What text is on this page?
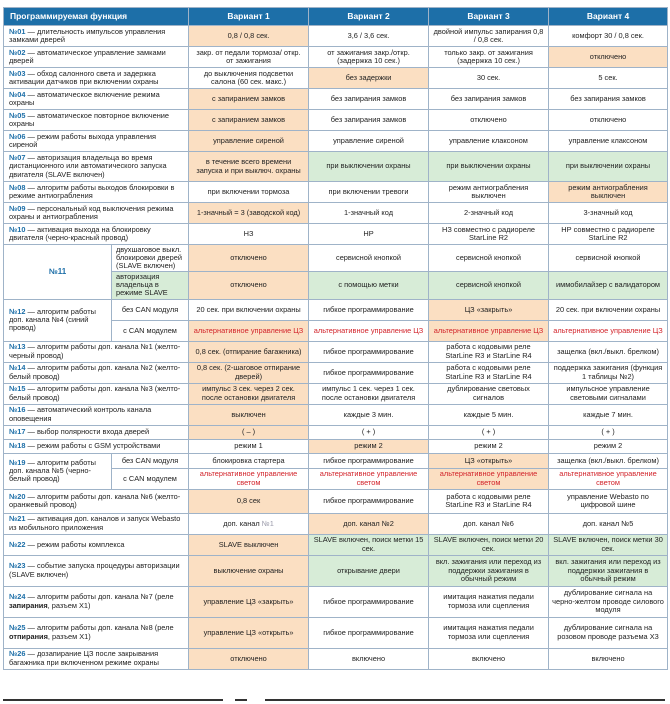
Программируемая функция		Вариант 1	Вариант 2	Вариант 3	Вариант 4
№01 — длительность импульсов управления замками дверей		0,8 / 0,8 сек.	3,6 / 3,6 сек.	двойной импульс запирания 0,8 / 0,8 сек.	комфорт 30 / 0,8 сек.
№02 — автоматическое управление замками дверей		закр. от педали тормоза/ откр. от зажигания	от зажигания закр./откр. (задержка 10 сек.)	только закр. от зажигания (задержка 10 сек.)	отключено
№03 — обход салонного света и задержка активации датчиков при включении охраны		до выключения подсветки салона (60 сек. макс.)	без задержки	30 сек.	5 сек.
№04 — автоматическое включение режима охраны		с запиранием замков	без запирания замков	без запирания замков	без запирания замков
№05 — автоматическое повторное включение охраны		с запиранием замков	без запирания замков	отключено	отключено
№06 — режим работы выхода управления сиреной		управление сиреной	управление сиреной	управление клаксоном	управление клаксоном
№07 — авторизация владельца во время дистанционного или автоматического запуска двигателя (SLAVE включен)		в течение всего времени запуска и при выключ. охраны	при выключении охраны	при выключении охраны	при выключении охраны
№08 — алгоритм работы выходов блокировки в режиме антиограбления		при включении тормоза	при включении тревоги	режим антиограбления выключен	режим антиограбления выключен
№09 — персональный код выключения режима охраны и антиограбления		1-значный = 3 (заводской код)	1-значный код	2-значный код	3-значный код
№10 — активация выхода на блокировку двигателя (черно-красный провод)		НЗ	НР	НЗ совместно с радиорелe StarLine R2	НР совместно с радиорелe StarLine R2
№11	двухшаговое выкл. блокировки дверей (SLAVE включен)	отключено	сервисной кнопкой	сервисной кнопкой	сервисной кнопкой
	авторизация владельца в режиме SLAVE	отключено	с помощью метки	сервисной кнопкой	иммобилайзер с валидатором
№12 — алгоритм работы доп. канала №4 (синий провод)	без CAN модуля	20 сек. при включении охраны	гибкое программирование	ЦЗ «закрыть»	20 сек. при включении охраны
	с CAN модулем	альтернативное управление ЦЗ	альтернативное управление ЦЗ	альтернативное управление ЦЗ	альтернативное управление ЦЗ
№13 — алгоритм работы доп. канала №1 (желто-черный провод)		0,8 сек. (отпирание багажника)	гибкое программирование	работа с кодовыми реле StarLine R3 и StarLine R4	защелка (вкл./выкл. брелком)
№14 — алгоритм работы доп. канала №2 (желто-белый провод)		0,8 сек. (2-шаговое отпирание дверей)	гибкое программирование	работа с кодовыми реле StarLine R3 и StarLine R4	поддержка зажигания (функция 1 таблицы №2)
№15 — алгоритм работы доп. канала №3 (желто-белый провод)		импульс 3 сек. через 2 сек. после остановки двигателя	импульс 1 сек. через 1 сек. после остановки двигателя	дублирование световых сигналов	импульсное управление световыми сигналами
№16 — автоматический контроль канала оповещения		выключен	каждые 3 мин.	каждые 5 мин.	каждые 7 мин.
№17 — выбор полярности входа дверей		( – )	( + )	( + )	( + )
№18 — режим работы с GSM устройствами		режим 1	режим 2	режим 2	режим 2
№19 — алгоритм работы доп. канала №5 (черно-белый провод)	без CAN модуля	блокировка стартера	гибкое программирование	ЦЗ «открыть»	защелка (вкл./выкл. брелком)
	с CAN модулем	альтернативное управление светом	альтернативное управление светом	альтернативное управление светом	альтернативное управление светом
№20 — алгоритм работы доп. канала №6 (желто-оранжевый провод)		0,8 сек	гибкое программирование	работа с кодовыми реле StarLine R3 и StarLine R4	управление Webasto по цифровой шине
№21 — активация доп. каналов и запуск Webasto из мобильного приложения		доп. канал №1	доп. канал №2	доп. канал №6	доп. канал №5
№22 — режим работы комплекса		SLAVE выключен	SLAVE включен, поиск метки 15 сек.	SLAVE включен, поиск метки 20 сек.	SLAVE включен, поиск метки 30 сек.
№23 — событие запуска процедуры авторизации (SLAVE включен)		выключение охраны	открывание двери	вкл. зажигания или переход из поддержки зажигания в обычный режим	вкл. зажигания или переход из поддержки зажигания в обычный режим
№24 — алгоритм работы доп. канала №7 (реле запирания, разъем X1)		управление ЦЗ «закрыть»	гибкое программирование	имитация нажатия педали тормоза или сцепления	дублирование сигнала на черно-желтом проводе силового модуля
№25 — алгоритм работы доп. канала №8 (реле отпирания, разъем X1)		управление ЦЗ «открыть»	гибкое программирование	имитация нажатия педали тормоза или сцепления	дублирование сигнала на розовом проводе разъема X3
№26 — дозапирание ЦЗ после закрывания багажника при включенном режиме охраны		отключено	включено	включено	включено
